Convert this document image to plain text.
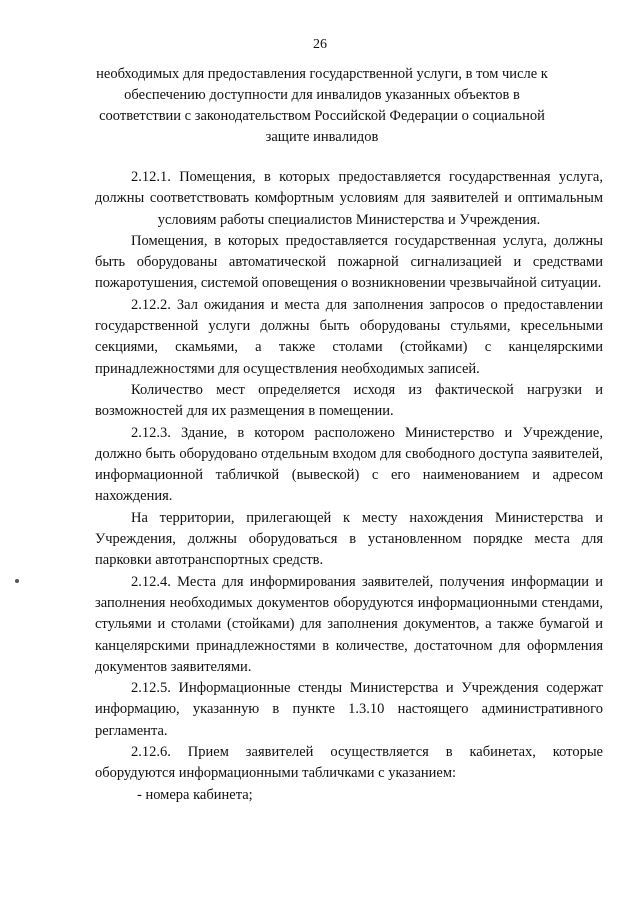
26
необходимых для предоставления государственной услуги, в том числе к обеспечению доступности для инвалидов указанных объектов в соответствии с законодательством Российской Федерации о социальной защите инвалидов

2.12.1. Помещения, в которых предоставляется государственная услуга, должны соответствовать комфортным условиям для заявителей и оптимальным условиям работы специалистов Министерства и Учреждения.

Помещения, в которых предоставляется государственная услуга, должны быть оборудованы автоматической пожарной сигнализацией и средствами пожаротушения, системой оповещения о возникновении чрезвычайной ситуации.

2.12.2. Зал ожидания и места для заполнения запросов о предоставлении государственной услуги должны быть оборудованы стульями, кресельными секциями, скамьями, а также столами (стойками) с канцелярскими принадлежностями для осуществления необходимых записей.

Количество мест определяется исходя из фактической нагрузки и возможностей для их размещения в помещении.

2.12.3. Здание, в котором расположено Министерство и Учреждение, должно быть оборудовано отдельным входом для свободного доступа заявителей, информационной табличкой (вывеской) с его наименованием и адресом нахождения.

На территории, прилегающей к месту нахождения Министерства и Учреждения, должны оборудоваться в установленном порядке места для парковки автотранспортных средств.

2.12.4. Места для информирования заявителей, получения информации и заполнения необходимых документов оборудуются информационными стендами, стульями и столами (стойками) для заполнения документов, а также бумагой и канцелярскими принадлежностями в количестве, достаточном для оформления документов заявителями.

2.12.5. Информационные стенды Министерства и Учреждения содержат информацию, указанную в пункте 1.3.10 настоящего административного регламента.

2.12.6. Прием заявителей осуществляется в кабинетах, которые оборудуются информационными табличками с указанием:

- номера кабинета;
